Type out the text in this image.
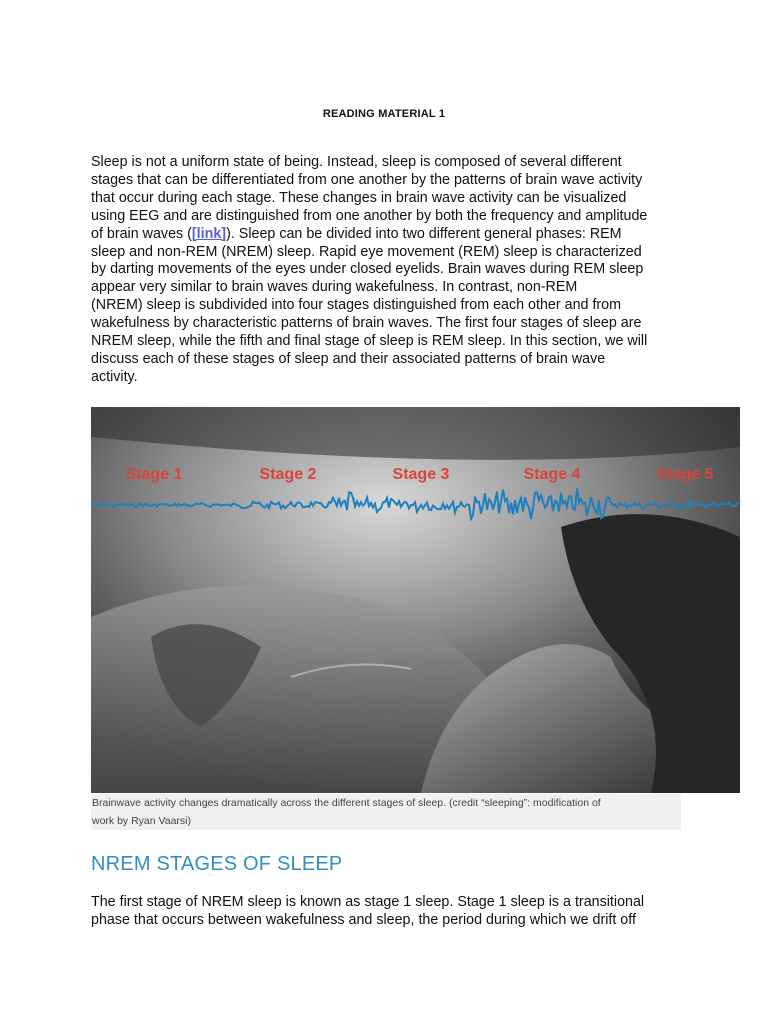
READING MATERIAL 1
Sleep is not a uniform state of being. Instead, sleep is composed of several different
stages that can be differentiated from one another by the patterns of brain wave activity
that occur during each stage. These changes in brain wave activity can be visualized
using EEG and are distinguished from one another by both the frequency and amplitude
of brain waves ([link]). Sleep can be divided into two different general phases: REM
sleep and non-REM (NREM) sleep. Rapid eye movement (REM) sleep is characterized
by darting movements of the eyes under closed eyelids. Brain waves during REM sleep
appear very similar to brain waves during wakefulness. In contrast, non-REM
(NREM) sleep is subdivided into four stages distinguished from each other and from
wakefulness by characteristic patterns of brain waves. The first four stages of sleep are
NREM sleep, while the fifth and final stage of sleep is REM sleep. In this section, we will
discuss each of these stages of sleep and their associated patterns of brain wave
activity.
Stage 1	Stage 2	Stage 3	Stage 4	Stage 5
Brainwave activity changes dramatically across the different stages of sleep. (credit “sleeping”: modification of
work by Ryan Vaarsi)
NREM STAGES OF SLEEP
The first stage of NREM sleep is known as stage 1 sleep. Stage 1 sleep is a transitional
phase that occurs between wakefulness and sleep, the period during which we drift off
